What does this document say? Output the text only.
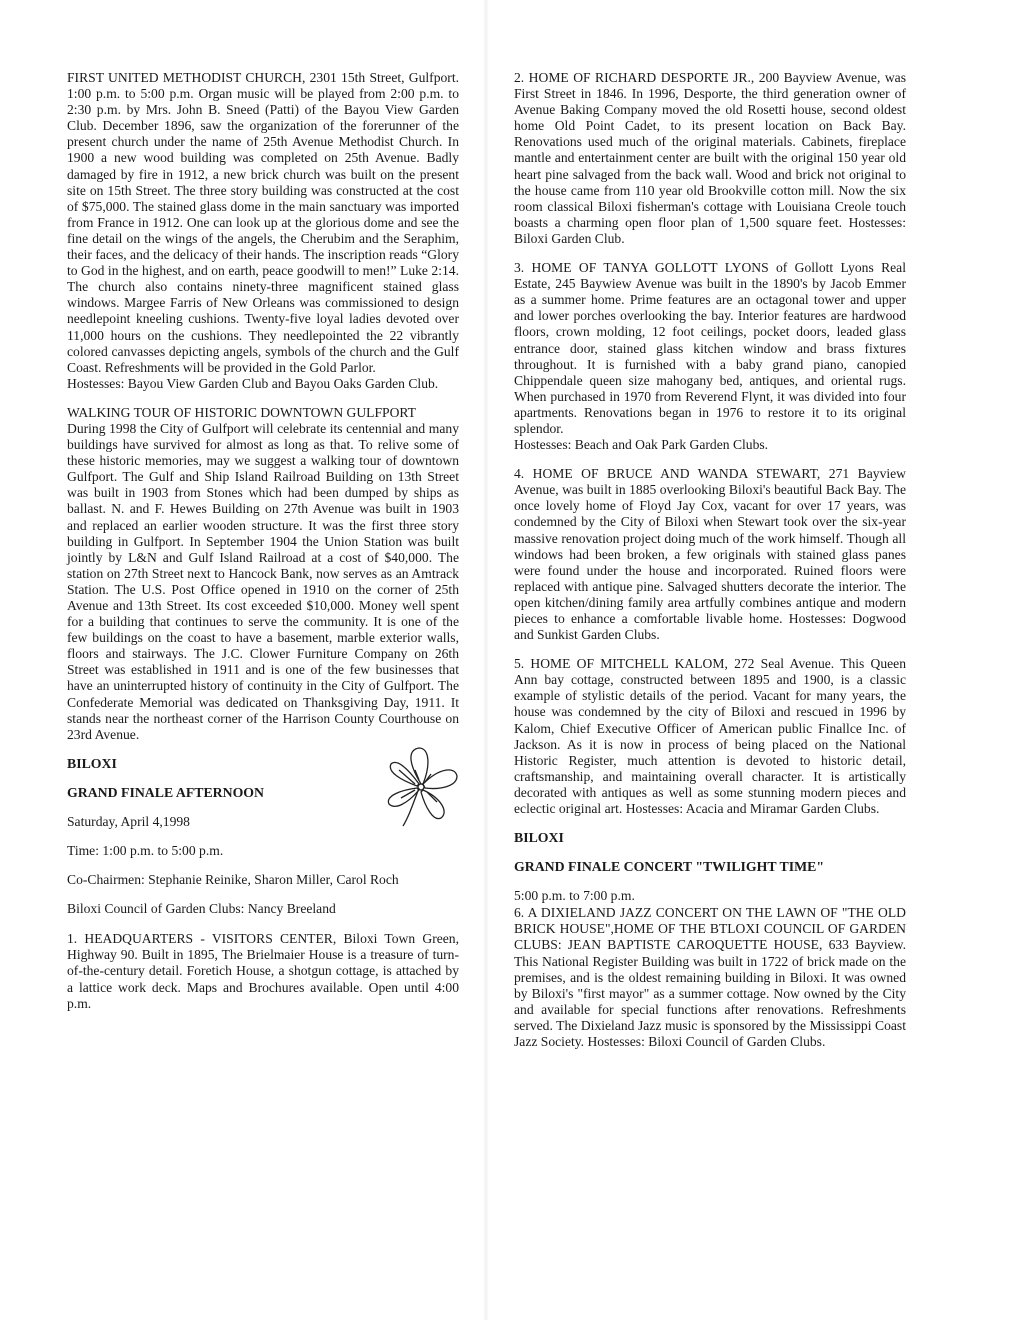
FIRST UNITED METHODIST CHURCH, 2301 15th Street, Gulfport. 1:00 p.m. to 5:00 p.m. Organ music will be played from 2:00 p.m. to 2:30 p.m. by Mrs. John B. Sneed (Patti) of the Bayou View Garden Club. December 1896, saw the organization of the forerunner of the present church under the name of 25th Avenue Methodist Church. In 1900 a new wood building was completed on 25th Avenue. Badly damaged by fire in 1912, a new brick church was built on the present site on 15th Street. The three story building was constructed at the cost of $75,000. The stained glass dome in the main sanctuary was imported from France in 1912. One can look up at the glorious dome and see the fine detail on the wings of the angels, the Cherubim and the Seraphim, their faces, and the delicacy of their hands. The inscription reads “Glory to God in the highest, and on earth, peace goodwill to men!” Luke 2:14. The church also contains ninety-three magnificent stained glass windows. Margee Farris of New Orleans was commissioned to design needlepoint kneeling cushions. Twenty-five loyal ladies devoted over 11,000 hours on the cushions. They needlepointed the 22 vibrantly colored canvasses depicting angels, symbols of the church and the Gulf Coast. Refreshments will be provided in the Gold Parlor.
Hostesses: Bayou View Garden Club and Bayou Oaks Garden Club.

WALKING TOUR OF HISTORIC DOWNTOWN GULFPORT
During 1998 the City of Gulfport will celebrate its centennial and many buildings have survived for almost as long as that. To relive some of these historic memories, may we suggest a walking tour of downtown Gulfport. The Gulf and Ship Island Railroad Building on 13th Street was built in 1903 from Stones which had been dumped by ships as ballast. N. and F. Hewes Building on 27th Avenue was built in 1903 and replaced an earlier wooden structure. It was the first three story building in Gulfport. In September 1904 the Union Station was built jointly by L&N and Gulf Island Railroad at a cost of $40,000. The station on 27th Street next to Hancock Bank, now serves as an Amtrack Station. The U.S. Post Office opened in 1910 on the corner of 25th Avenue and 13th Street. Its cost exceeded $10,000. Money well spent for a building that continues to serve the community. It is one of the few buildings on the coast to have a basement, marble exterior walls, floors and stairways. The J.C. Clower Furniture Company on 26th Street was established in 1911 and is one of the few businesses that have an uninterrupted history of continuity in the City of Gulfport. The Confederate Memorial was dedicated on Thanksgiving Day, 1911. It stands near the northeast corner of the Harrison County Courthouse on 23rd Avenue.

BILOXI

GRAND FINALE AFTERNOON

Saturday, April 4,1998

Time: 1:00 p.m. to 5:00 p.m.

Co-Chairmen: Stephanie Reinike, Sharon Miller, Carol Roch

Biloxi Council of Garden Clubs: Nancy Breeland

1. HEADQUARTERS - VISITORS CENTER, Biloxi Town Green, Highway 90. Built in 1895, The Brielmaier House is a treasure of turn-of-the-century detail. Foretich House, a shotgun cottage, is attached by a lattice work deck. Maps and Brochures available. Open until 4:00 p.m.

2. HOME OF RICHARD DESPORTE JR., 200 Bayview Avenue, was First Street in 1846. In 1996, Desporte, the third generation owner of Avenue Baking Company moved the old Rosetti house, second oldest home Old Point Cadet, to its present location on Back Bay. Renovations used much of the original materials. Cabinets, fireplace mantle and entertainment center are built with the original 150 year old heart pine salvaged from the back wall. Wood and brick not original to the house came from 110 year old Brookville cotton mill. Now the six room classical Biloxi fisherman's cottage with Louisiana Creole touch boasts a charming open floor plan of 1,500 square feet. Hostesses: Biloxi Garden Club.

3. HOME OF TANYA GOLLOTT LYONS of Gollott Lyons Real Estate, 245 Baywiew Avenue was built in the 1890's by Jacob Emmer as a summer home. Prime features are an octagonal tower and upper and lower porches overlooking the bay. Interior features are hardwood floors, crown molding, 12 foot ceilings, pocket doors, leaded glass entrance door, stained glass kitchen window and brass fixtures throughout. It is furnished with a baby grand piano, canopied Chippendale queen size mahogany bed, antiques, and oriental rugs. When purchased in 1970 from Reverend Flynt, it was divided into four apartments. Renovations began in 1976 to restore it to its original splendor.
Hostesses: Beach and Oak Park Garden Clubs.

4. HOME OF BRUCE AND WANDA STEWART, 271 Bayview Avenue, was built in 1885 overlooking Biloxi's beautiful Back Bay. The once lovely home of Floyd Jay Cox, vacant for over 17 years, was condemned by the City of Biloxi when Stewart took over the six-year massive renovation project doing much of the work himself. Though all windows had been broken, a few originals with stained glass panes were found under the house and incorporated. Ruined floors were replaced with antique pine. Salvaged shutters decorate the interior. The open kitchen/dining family area artfully combines antique and modern pieces to enhance a comfortable livable home. Hostesses: Dogwood and Sunkist Garden Clubs.

5. HOME OF MITCHELL KALOM, 272 Seal Avenue. This Queen Ann bay cottage, constructed between 1895 and 1900, is a classic example of stylistic details of the period. Vacant for many years, the house was condemned by the city of Biloxi and rescued in 1996 by Kalom, Chief Executive Officer of American public Finallce Inc. of Jackson. As it is now in process of being placed on the National Historic Register, much attention is devoted to historic detail, craftsmanship, and maintaining overall character. It is artistically decorated with antiques as well as some stunning modern pieces and eclectic original art. Hostesses: Acacia and Miramar Garden Clubs.

BILOXI

GRAND FINALE CONCERT "TWILIGHT TIME"

5:00 p.m. to 7:00 p.m.

6. A DIXIELAND JAZZ CONCERT ON THE LAWN OF "THE OLD BRICK HOUSE",HOME OF THE BTLOXI COUNCIL OF GARDEN CLUBS: JEAN BAPTISTE CAROQUETTE HOUSE, 633 Bayview. This National Register Building was built in 1722 of brick made on the premises, and is the oldest remaining building in Biloxi. It was owned by Biloxi's "first mayor" as a summer cottage. Now owned by the City and available for special functions after renovations. Refreshments served. The Dixieland Jazz music is sponsored by the Mississippi Coast Jazz Society. Hostesses: Biloxi Council of Garden Clubs.
